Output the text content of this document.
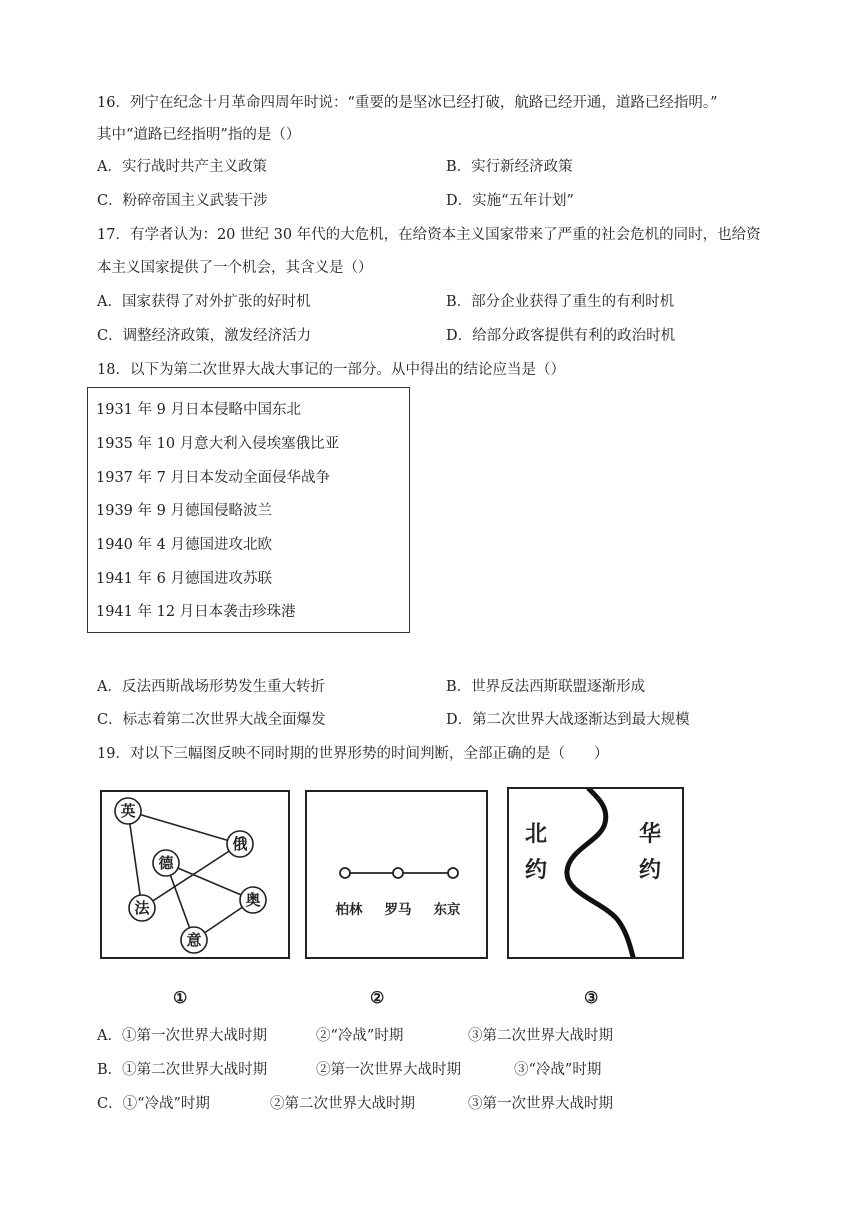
16．列宁在纪念十月革命四周年时说：“重要的是坚冰已经打破，航路已经开通，道路已经指明。”
其中“道路已经指明”指的是（）
A．实行战时共产主义政策	B．实行新经济政策
C．粉碎帝国主义武装干涉	D．实施“五年计划”
17．有学者认为：20 世纪 30 年代的大危机，在给资本主义国家带来了严重的社会危机的同时，也给资
本主义国家提供了一个机会，其含义是（）
A．国家获得了对外扩张的好时机	B．部分企业获得了重生的有利时机
C．调整经济政策，激发经济活力	D．给部分政客提供有利的政治时机
18．以下为第二次世界大战大事记的一部分。从中得出的结论应当是（）
1931 年 9 月日本侵略中国东北
1935 年 10 月意大利入侵埃塞俄比亚
1937 年 7 月日本发动全面侵华战争
1939 年 9 月德国侵略波兰
1940 年 4 月德国进攻北欧
1941 年 6 月德国进攻苏联
1941 年 12 月日本袭击珍珠港
A．反法西斯战场形势发生重大转折	B．世界反法西斯联盟逐渐形成
C．标志着第二次世界大战全面爆发	D．第二次世界大战逐渐达到最大规模
19．对以下三幅图反映不同时期的世界形势的时间判断，全部正确的是（　　）
英
俄
德
法	奥
意
①
柏林 罗马 东京
②
北
约
华
约
③
A．①第一次世界大战时期	②“冷战”时期	③第二次世界大战时期
B．①第二次世界大战时期	②第一次世界大战时期	③“冷战”时期
C．①“冷战”时期	②第二次世界大战时期	③第一次世界大战时期
